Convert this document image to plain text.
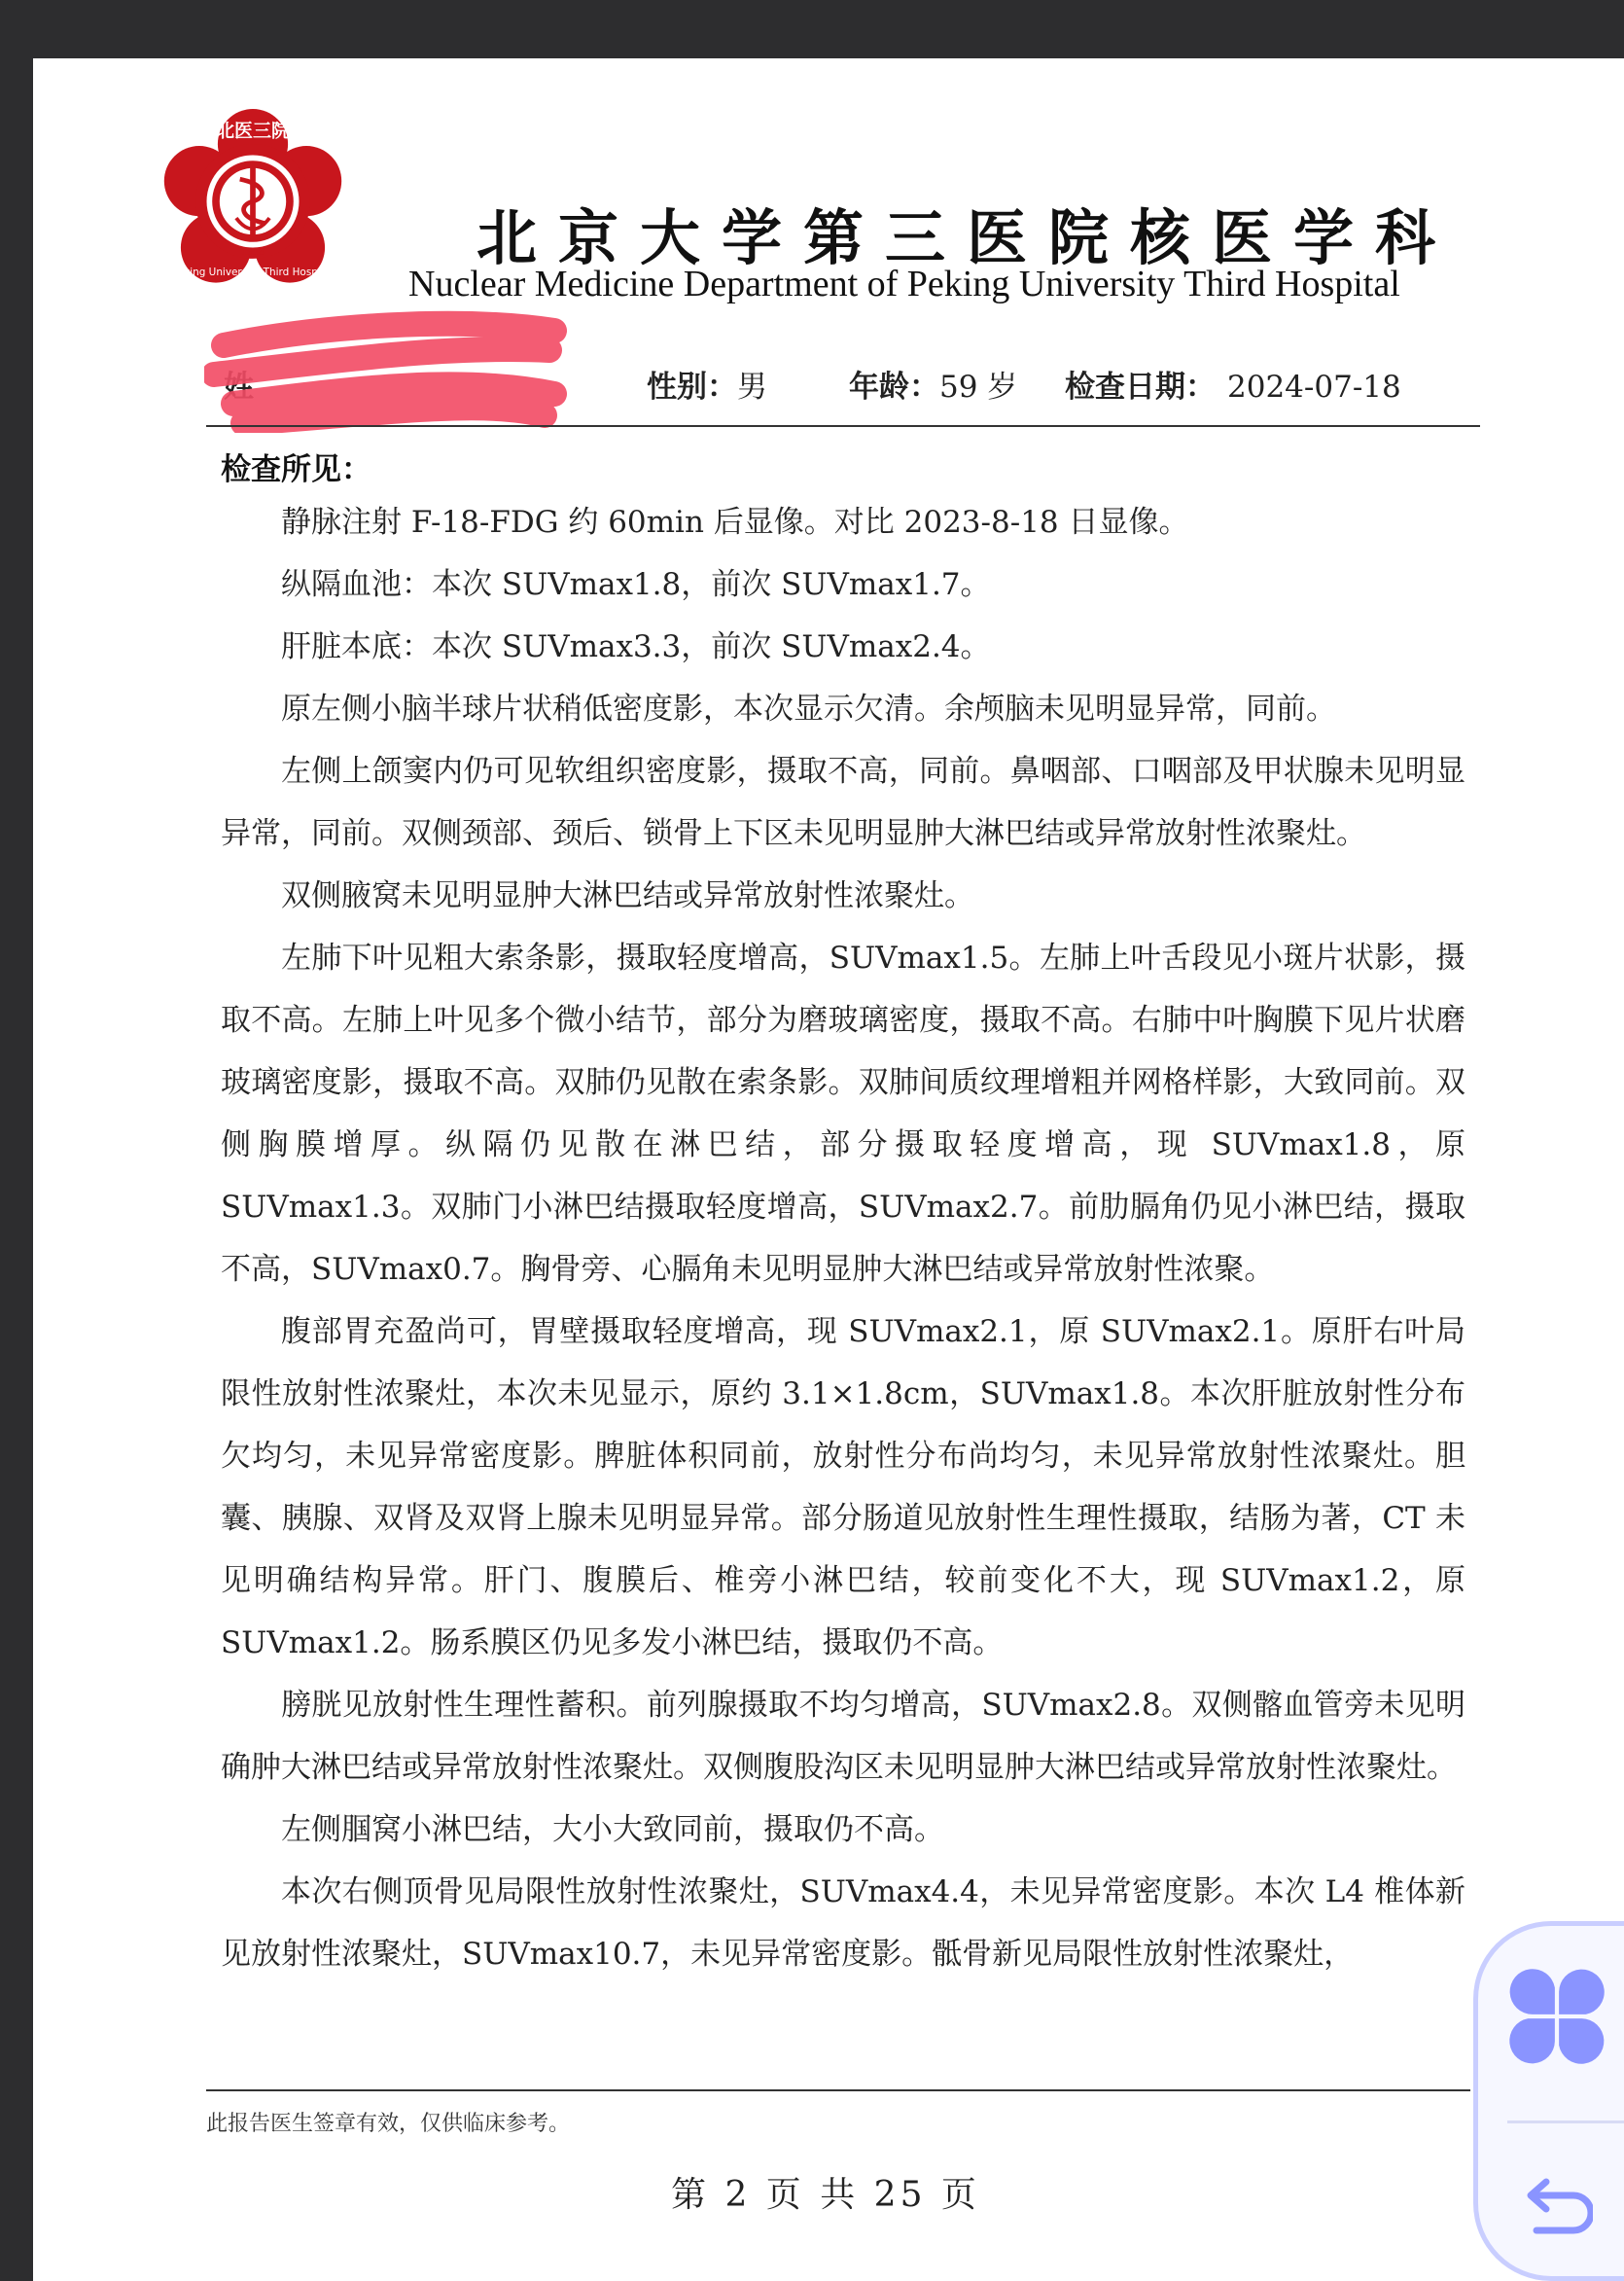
北医三院
Peking University Third Hospital
1958	北京大学第三医院核医学科
Nuclear Medicine Department of Peking University Third Hospital
姓	性别：男	年龄：59 岁 检查日期： 2024-07-18
检查所见：

静脉注射 F-18-FDG 约 60min 后显像。对比 2023-8-18 日显像。

纵隔血池：本次 SUVmax1.8，前次 SUVmax1.7。

肝脏本底：本次 SUVmax3.3，前次 SUVmax2.4。

原左侧小脑半球片状稍低密度影，本次显示欠清。余颅脑未见明显异常，同前。

左侧上颌窦内仍可见软组织密度影，摄取不高，同前。鼻咽部、口咽部及甲状腺未见明显异常，同前。双侧颈部、颈后、锁骨上下区未见明显肿大淋巴结或异常放射性浓聚灶。

双侧腋窝未见明显肿大淋巴结或异常放射性浓聚灶。

左肺下叶见粗大索条影，摄取轻度增高，SUVmax1.5。左肺上叶舌段见小斑片状影，摄取不高。左肺上叶见多个微小结节，部分为磨玻璃密度，摄取不高。右肺中叶胸膜下见片状磨玻璃密度影，摄取不高。双肺仍见散在索条影。双肺间质纹理增粗并网格样影，大致同前。双侧胸膜增厚。纵隔仍见散在淋巴结，部分摄取轻度增高，现 SUVmax1.8，原 SUVmax1.3。双肺门小淋巴结摄取轻度增高，SUVmax2.7。前肋膈角仍见小淋巴结，摄取不高，SUVmax0.7。胸骨旁、心膈角未见明显肿大淋巴结或异常放射性浓聚。

腹部胃充盈尚可，胃壁摄取轻度增高，现 SUVmax2.1，原 SUVmax2.1。原肝右叶局限性放射性浓聚灶，本次未见显示，原约 3.1×1.8cm，SUVmax1.8。本次肝脏放射性分布欠均匀，未见异常密度影。脾脏体积同前，放射性分布尚均匀，未见异常放射性浓聚灶。胆囊、胰腺、双肾及双肾上腺未见明显异常。部分肠道见放射性生理性摄取，结肠为著，CT 未见明确结构异常。肝门、腹膜后、椎旁小淋巴结，较前变化不大，现 SUVmax1.2，原 SUVmax1.2。肠系膜区仍见多发小淋巴结，摄取仍不高。

膀胱见放射性生理性蓄积。前列腺摄取不均匀增高，SUVmax2.8。双侧髂血管旁未见明确肿大淋巴结或异常放射性浓聚灶。双侧腹股沟区未见明显肿大淋巴结或异常放射性浓聚灶。

左侧腘窝小淋巴结，大小大致同前，摄取仍不高。

本次右侧顶骨见局限性放射性浓聚灶，SUVmax4.4，未见异常密度影。本次 L4 椎体新见放射性浓聚灶，SUVmax10.7，未见异常密度影。骶骨新见局限性放射性浓聚灶，

此报告医生签章有效，仅供临床参考。
第 2 页 共 25 页
